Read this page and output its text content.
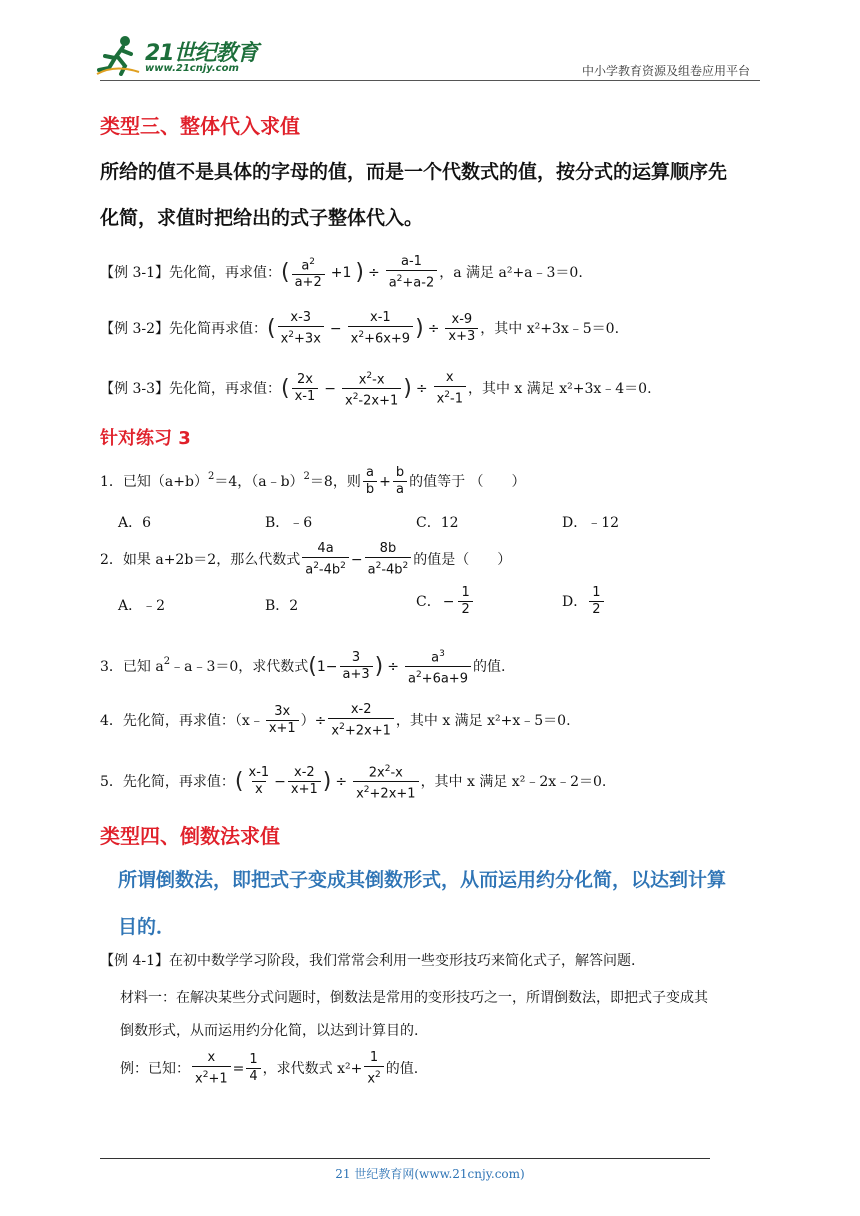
21世纪教育
www.21cnjy.com	中小学教育资源及组卷应用平台
类型三、整体代入求值
所给的值不是具体的字母的值，而是一个代数式的值，按分式的运算顺序先
化简，求值时把给出的式子整体代入。
【例 3-1】 先化简，再求值： ( $\frac{a^2}{a+2} +1$ ) ÷ $\frac{a-1}{a^2+a-2}$ ， a 满足 a²+a﹣3＝0.
【例 3-2】 先化简再求值： ( $\frac{x-3}{x^2+3x} - \frac{x-1}{x^2+6x+9}$ ) ÷ $\frac{x-9}{x+3}$ ， 其中 x²+3x﹣5＝0.
【例 3-3】 先化简，再求值： ( $\frac{2x}{x-1} - \frac{x^2-x}{x^2-2x+1}$ ) ÷ $\frac{x}{x^2-1}$ ， 其中 x 满足 x²+3x﹣4＝0.
针对练习 3
1．已知（a+b） 2 ＝4，（a﹣b） 2 ＝8，则 $\frac{a}{b} + \frac{b}{a}$ 的值等于 （　　）
A．6	B．﹣6	C．12	D．﹣12
2．如果 a+2b＝2，那么代数式 $\frac{4a}{a^2-4b^2} - \frac{8b}{a^2-4b^2}$ 的值是（　　）
A．﹣2	B．2	C． − $\frac{1}{2}$	D． $\frac{1}{2}$
3．已知 a 2 ﹣a﹣3＝0，求代数式 ( $1- \frac{3}{a+3}$ ) ÷ $\frac{a^3}{a^2+6a+9}$ 的值.
4．先化简，再求值：（x﹣ $\frac{3x}{x+1}$ ）÷ $\frac{x-2}{x^2+2x+1}$ ，其中 x 满足 x²+x﹣5＝0.
5．先化简，再求值： ( $\frac{x-1}{x} - \frac{x-2}{x+1}$ ) ÷ $\frac{2x^2-x}{x^2+2x+1}$ ，其中 x 满足 x²﹣2x﹣2＝0.
类型四、倒数法求值
所谓倒数法，即把式子变成其倒数形式，从而运用约分化简，以达到计算
目的．
【例 4-1】 在初中数学学习阶段，我们常常会利用一些变形技巧来简化式子，解答问题.
材料一：在解决某些分式问题时，倒数法是常用的变形技巧之一，所谓倒数法，即把式子变成其
倒数形式，从而运用约分化简，以达到计算目的.
例：已知： $\frac{x}{x^2+1} = \frac{1}{4}$ ，求代数式 $x^2+ \frac{1}{x^2}$ 的值.
21 世纪教育网(www.21cnjy.com)
